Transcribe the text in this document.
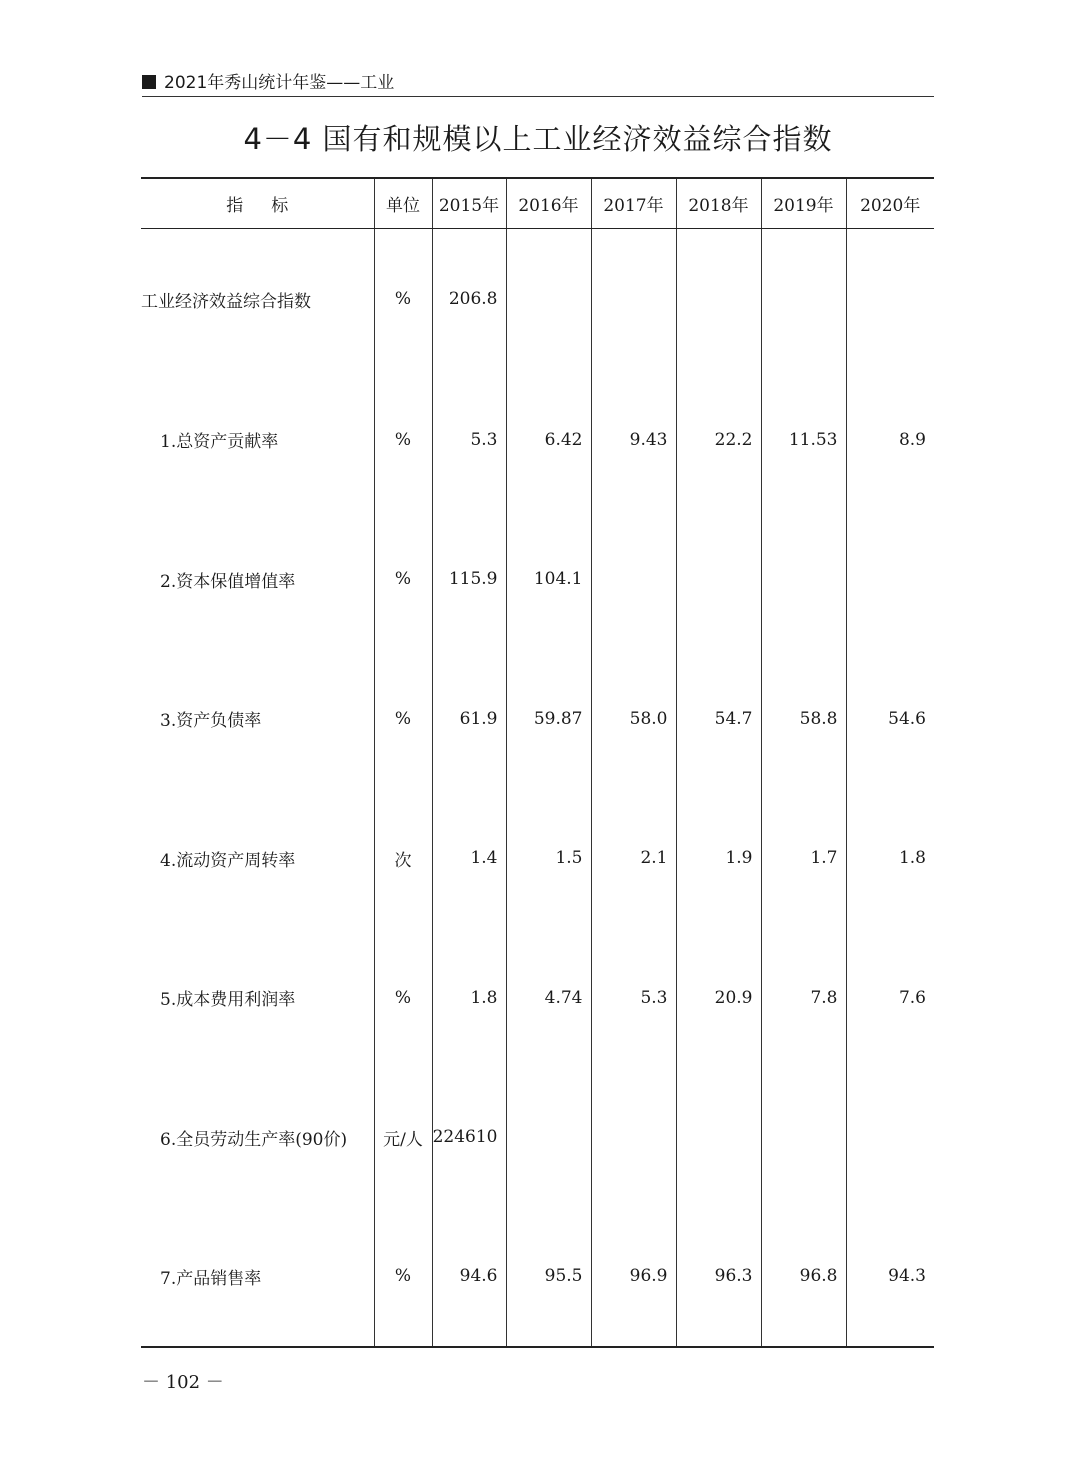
2021年秀山统计年鉴——工业
4－4 国有和规模以上工业经济效益综合指数
指标	单位	2015年	2016年	2017年	2018年	2019年	2020年
工业经济效益综合指数	%	206.8					
1.总资产贡献率	%	5.3	6.42	9.43	22.2	11.53	8.9
2.资本保值增值率	%	115.9	104.1				
3.资产负债率	%	61.9	59.87	58.0	54.7	58.8	54.6
4.流动资产周转率	次	1.4	1.5	2.1	1.9	1.7	1.8
5.成本费用利润率	%	1.8	4.74	5.3	20.9	7.8	7.6
6.全员劳动生产率(90价)	元/人	224610					
7.产品销售率	%	94.6	95.5	96.9	96.3	96.8	94.3
－ 102 －
